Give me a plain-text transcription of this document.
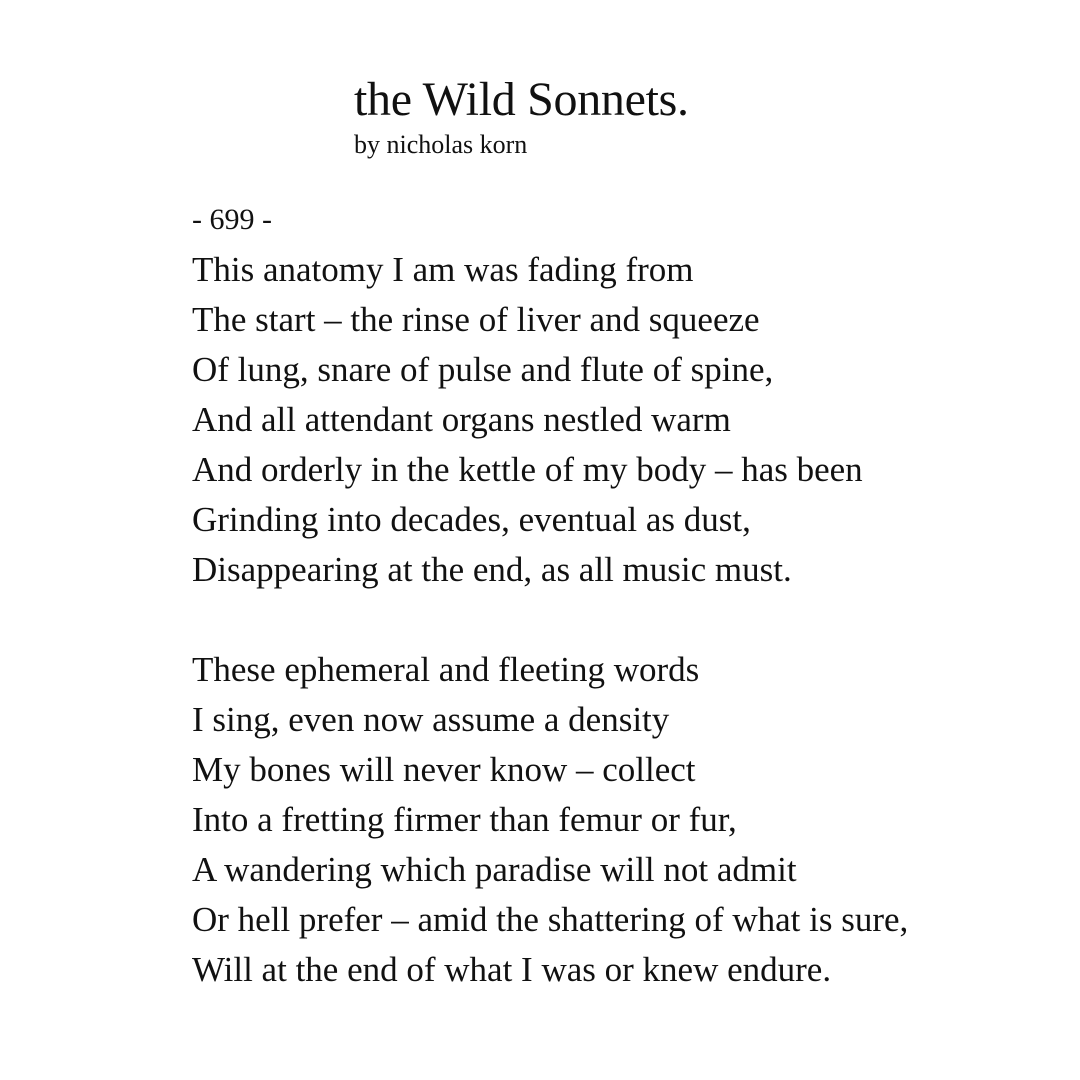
the Wild Sonnets.
by nicholas korn
- 699 -
This anatomy I am was fading from
The start – the rinse of liver and squeeze
Of lung, snare of pulse and flute of spine,
And all attendant organs nestled warm
And orderly in the kettle of my body – has been
Grinding into decades, eventual as dust,
Disappearing at the end, as all music must.
These ephemeral and fleeting words
I sing, even now assume a density
My bones will never know – collect
Into a fretting firmer than femur or fur,
A wandering which paradise will not admit
Or hell prefer – amid the shattering of what is sure,
Will at the end of what I was or knew endure.
